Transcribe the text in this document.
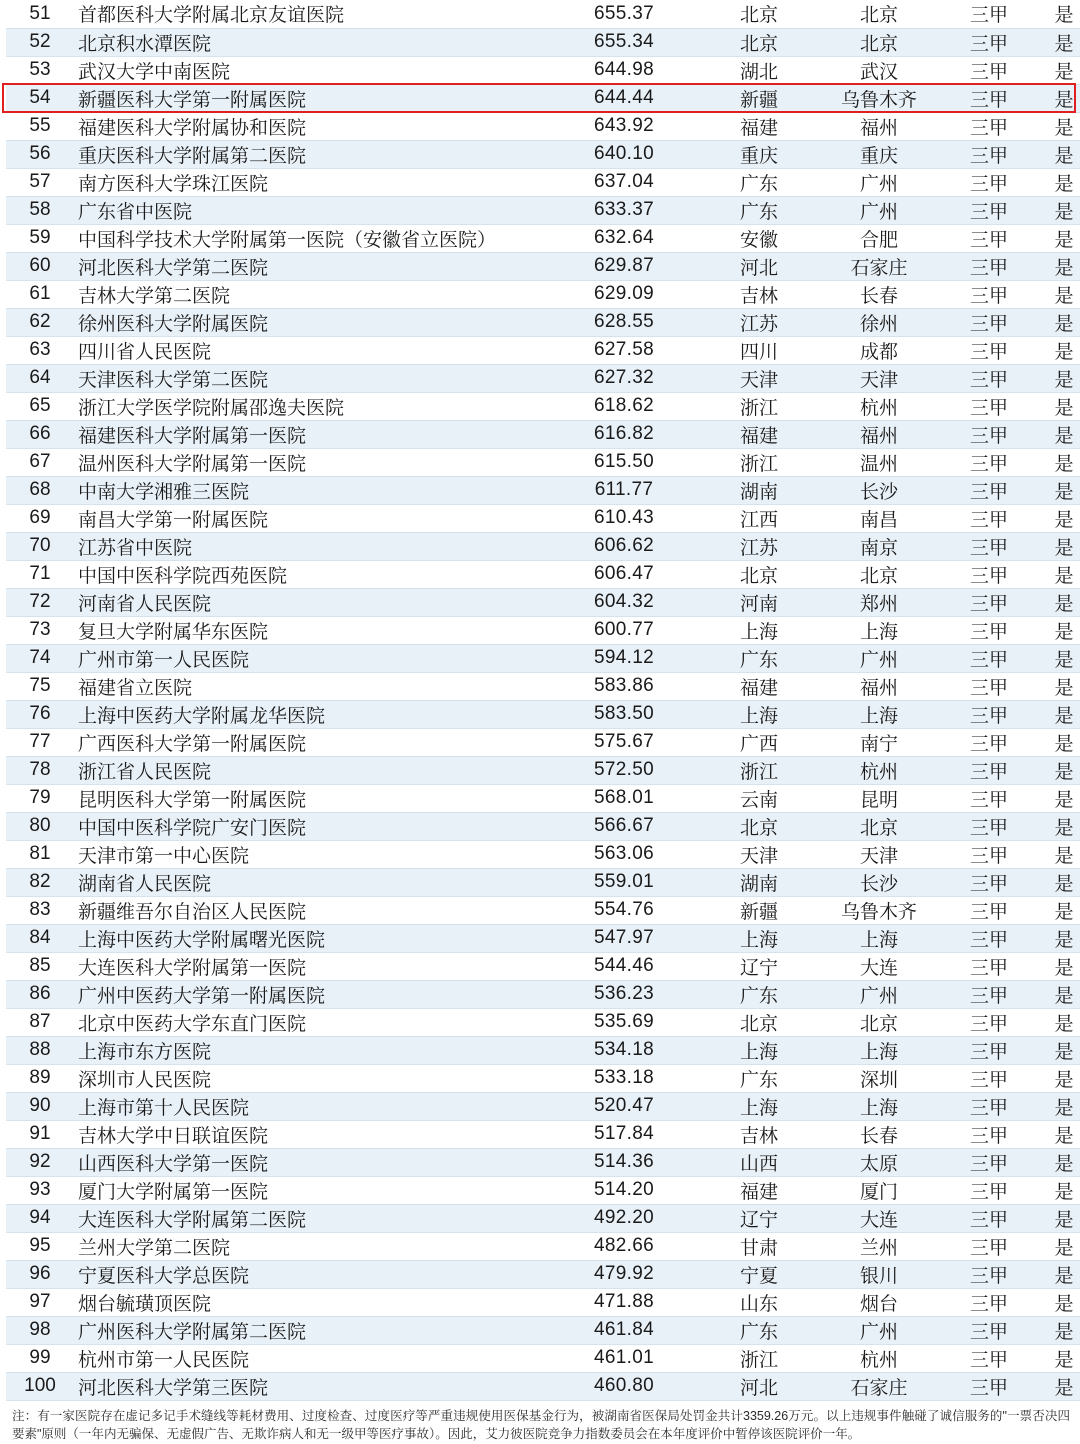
51	首都医科大学附属北京友谊医院	655.37	北京	北京	三甲	是
52	北京积水潭医院	655.34	北京	北京	三甲	是
53	武汉大学中南医院	644.98	湖北	武汉	三甲	是
54	新疆医科大学第一附属医院	644.44	新疆	乌鲁木齐	三甲	是
55	福建医科大学附属协和医院	643.92	福建	福州	三甲	是
56	重庆医科大学附属第二医院	640.10	重庆	重庆	三甲	是
57	南方医科大学珠江医院	637.04	广东	广州	三甲	是
58	广东省中医院	633.37	广东	广州	三甲	是
59	中国科学技术大学附属第一医院（安徽省立医院）	632.64	安徽	合肥	三甲	是
60	河北医科大学第二医院	629.87	河北	石家庄	三甲	是
61	吉林大学第二医院	629.09	吉林	长春	三甲	是
62	徐州医科大学附属医院	628.55	江苏	徐州	三甲	是
63	四川省人民医院	627.58	四川	成都	三甲	是
64	天津医科大学第二医院	627.32	天津	天津	三甲	是
65	浙江大学医学院附属邵逸夫医院	618.62	浙江	杭州	三甲	是
66	福建医科大学附属第一医院	616.82	福建	福州	三甲	是
67	温州医科大学附属第一医院	615.50	浙江	温州	三甲	是
68	中南大学湘雅三医院	611.77	湖南	长沙	三甲	是
69	南昌大学第一附属医院	610.43	江西	南昌	三甲	是
70	江苏省中医院	606.62	江苏	南京	三甲	是
71	中国中医科学院西苑医院	606.47	北京	北京	三甲	是
72	河南省人民医院	604.32	河南	郑州	三甲	是
73	复旦大学附属华东医院	600.77	上海	上海	三甲	是
74	广州市第一人民医院	594.12	广东	广州	三甲	是
75	福建省立医院	583.86	福建	福州	三甲	是
76	上海中医药大学附属龙华医院	583.50	上海	上海	三甲	是
77	广西医科大学第一附属医院	575.67	广西	南宁	三甲	是
78	浙江省人民医院	572.50	浙江	杭州	三甲	是
79	昆明医科大学第一附属医院	568.01	云南	昆明	三甲	是
80	中国中医科学院广安门医院	566.67	北京	北京	三甲	是
81	天津市第一中心医院	563.06	天津	天津	三甲	是
82	湖南省人民医院	559.01	湖南	长沙	三甲	是
83	新疆维吾尔自治区人民医院	554.76	新疆	乌鲁木齐	三甲	是
84	上海中医药大学附属曙光医院	547.97	上海	上海	三甲	是
85	大连医科大学附属第一医院	544.46	辽宁	大连	三甲	是
86	广州中医药大学第一附属医院	536.23	广东	广州	三甲	是
87	北京中医药大学东直门医院	535.69	北京	北京	三甲	是
88	上海市东方医院	534.18	上海	上海	三甲	是
89	深圳市人民医院	533.18	广东	深圳	三甲	是
90	上海市第十人民医院	520.47	上海	上海	三甲	是
91	吉林大学中日联谊医院	517.84	吉林	长春	三甲	是
92	山西医科大学第一医院	514.36	山西	太原	三甲	是
93	厦门大学附属第一医院	514.20	福建	厦门	三甲	是
94	大连医科大学附属第二医院	492.20	辽宁	大连	三甲	是
95	兰州大学第二医院	482.66	甘肃	兰州	三甲	是
96	宁夏医科大学总医院	479.92	宁夏	银川	三甲	是
97	烟台毓璜顶医院	471.88	山东	烟台	三甲	是
98	广州医科大学附属第二医院	461.84	广东	广州	三甲	是
99	杭州市第一人民医院	461.01	浙江	杭州	三甲	是
100	河北医科大学第三医院	460.80	河北	石家庄	三甲	是
注：有一家医院存在虚记多记手术缝线等耗材费用、过度检查、过度医疗等严重违规使用医保基金行为，被湖南省医保局处罚金共计3359.26万元。以上违规事件触碰了诚信服务的"一票否决四要素"原则（一年内无骗保、无虚假广告、无欺诈病人和无一级甲等医疗事故）。因此，艾力彼医院竞争力指数委员会在本年度评价中暂停该医院评价一年。
